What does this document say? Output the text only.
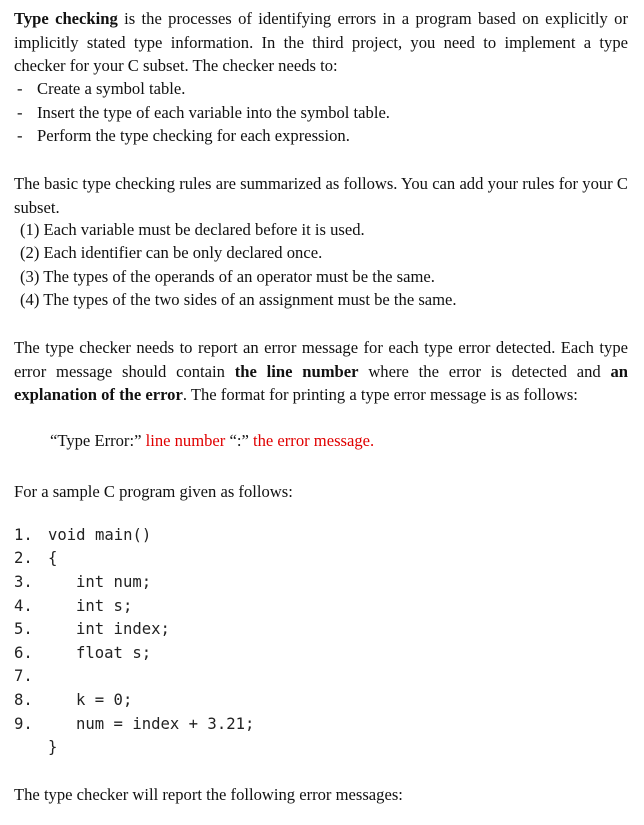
Type checking is the processes of identifying errors in a program based on explicitly or implicitly stated type information. In the third project, you need to implement a type checker for your C subset. The checker needs to:

- Create a symbol table.
- Insert the type of each variable into the symbol table.
- Perform the type checking for each expression.

The basic type checking rules are summarized as follows. You can add your rules for your C subset.

(1) Each variable must be declared before it is used.
(2) Each identifier can be only declared once.
(3) The types of the operands of an operator must be the same.
(4) The types of the two sides of an assignment must be the same.

The type checker needs to report an error message for each type error detected. Each type error message should contain the line number where the error is detected and an explanation of the error. The format for printing a type error message is as follows:

“Type Error:” line number “:” the error message.

For a sample C program given as follows:

1. void main()
2. {
3.	int num;
4.	int s;
5.	int index;
6.	float s;
7.
8.	k = 0;
9.	num = index + 3.21;
}

The type checker will report the following error messages:
